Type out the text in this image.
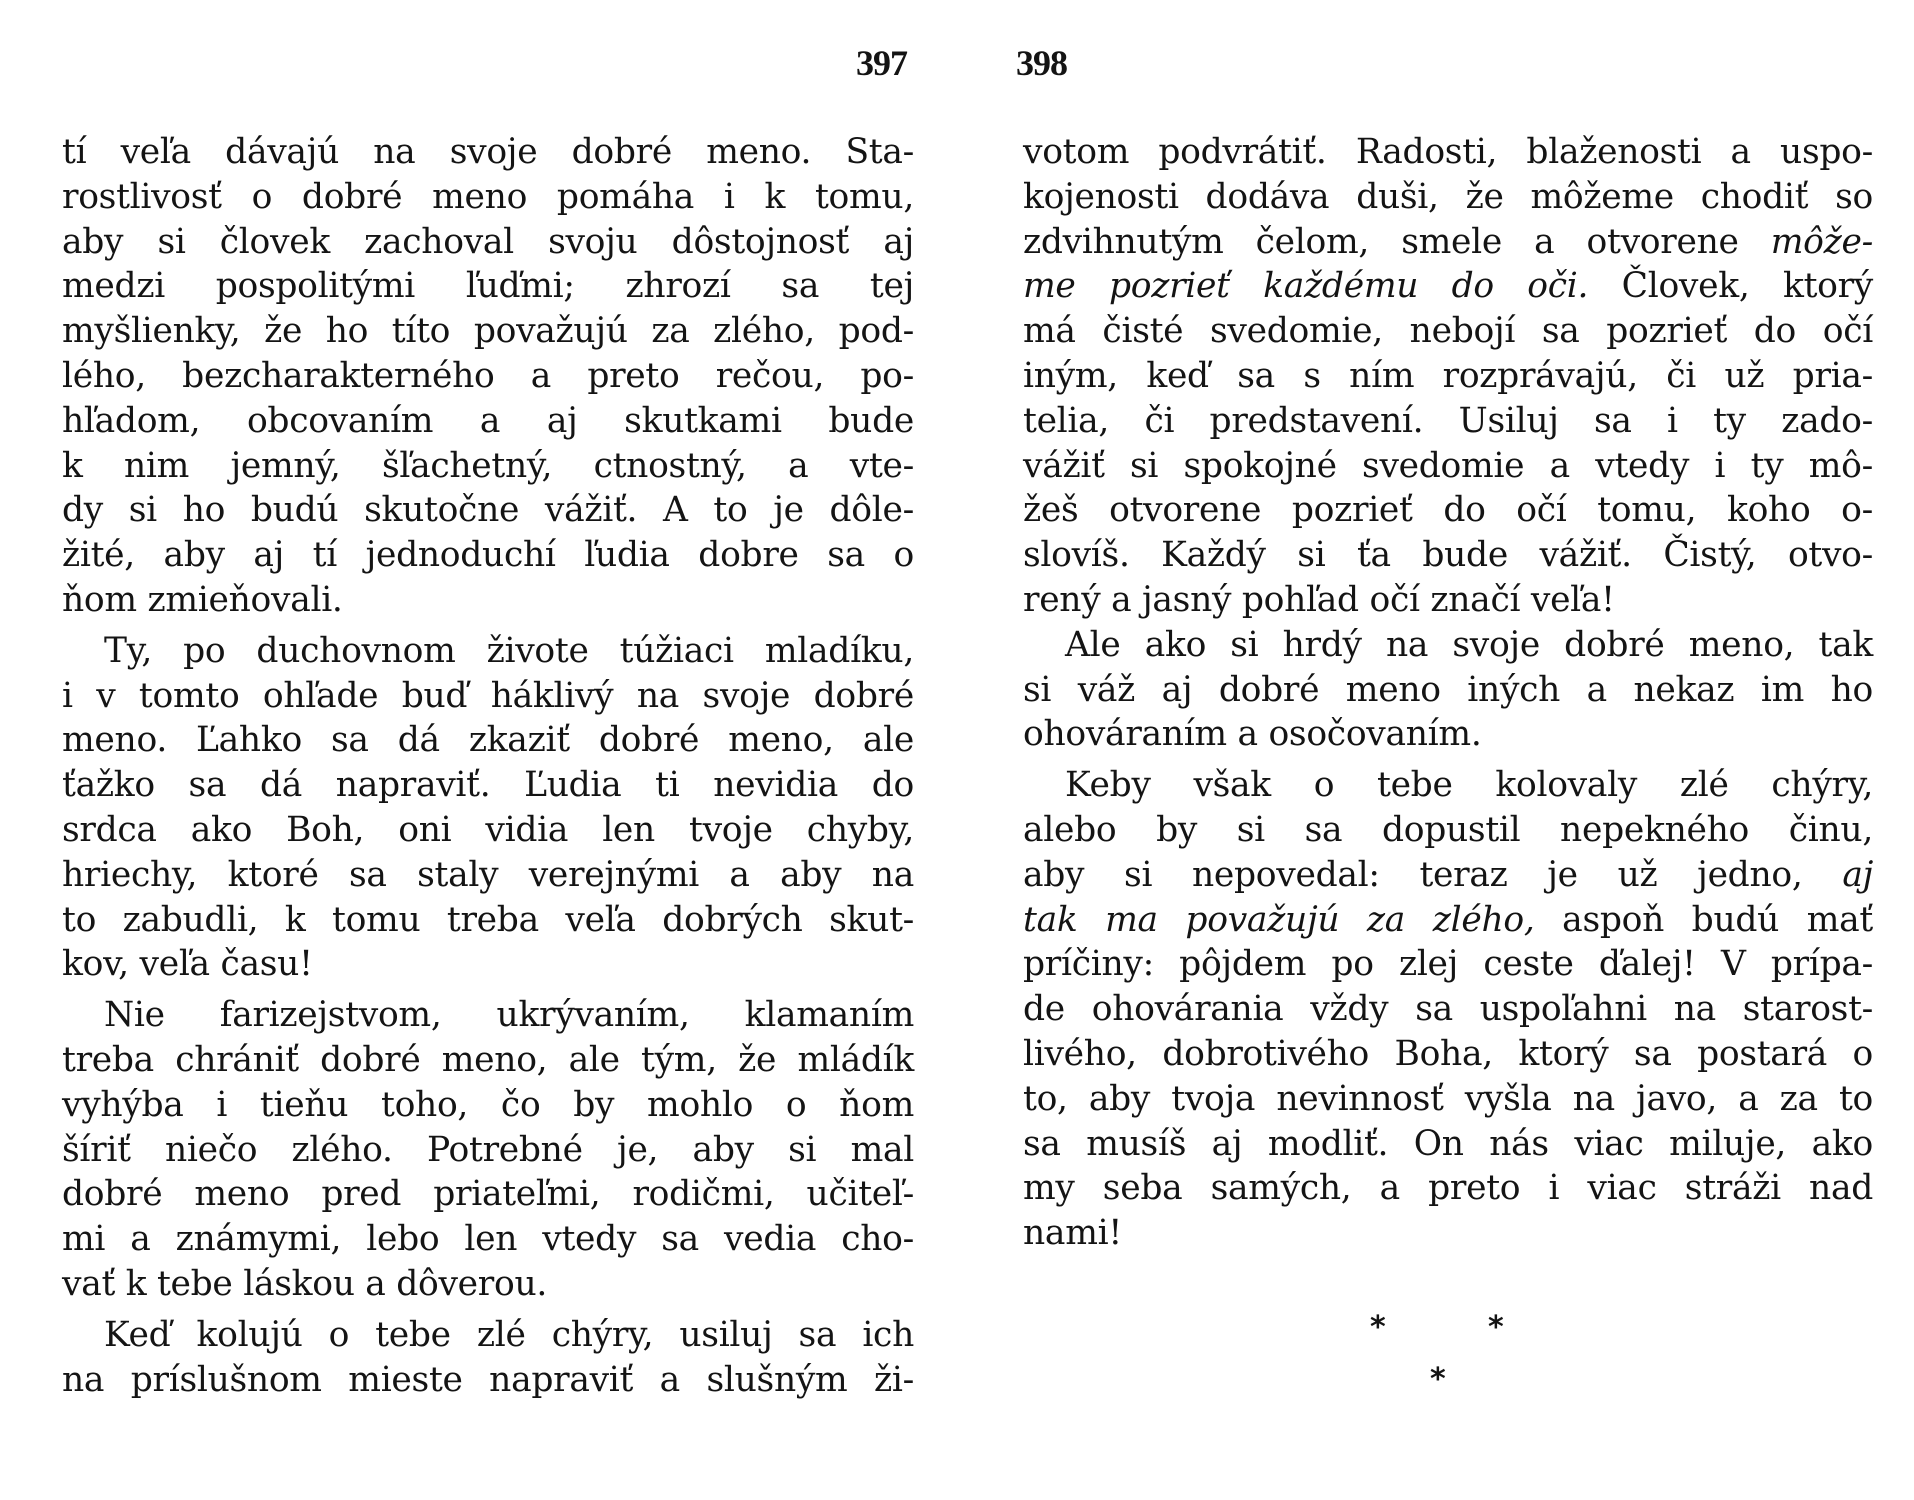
397	398
tí veľa dávajú na svoje dobré meno. Sta-
rostlivosť o dobré meno pomáha i k tomu,
aby si človek zachoval svoju dôstojnosť aj
medzi pospolitými ľuďmi; zhrozí sa tej
myšlienky, že ho títo považujú za zlého, pod-
lého, bezcharakterného a preto rečou, po-
hľadom, obcovaním a aj skutkami bude
k nim jemný, šľachetný, ctnostný, a vte-
dy si ho budú skutočne vážiť. A to je dôle-
žité, aby aj tí jednoduchí ľudia dobre sa o
ňom zmieňovali.
Ty, po duchovnom živote túžiaci mladíku,
i v tomto ohľade buď háklivý na svoje dobré
meno. Ľahko sa dá zkaziť dobré meno, ale
ťažko sa dá napraviť. Ľudia ti nevidia do
srdca ako Boh, oni vidia len tvoje chyby,
hriechy, ktoré sa staly verejnými a aby na
to zabudli, k tomu treba veľa dobrých skut-
kov, veľa času!
Nie farizejstvom, ukrývaním, klamaním
treba chrániť dobré meno, ale tým, že mládík
vyhýba i tieňu toho, čo by mohlo o ňom
šíriť niečo zlého. Potrebné je, aby si mal
dobré meno pred priateľmi, rodičmi, učiteľ-
mi a známymi, lebo len vtedy sa vedia cho-
vať k tebe láskou a dôverou.
Keď kolujú o tebe zlé chýry, usiluj sa ich
na príslušnom mieste napraviť a slušným ži-
votom podvrátiť. Radosti, blaženosti a uspo-
kojenosti dodáva duši, že môžeme chodiť so
zdvihnutým čelom, smele a otvorene môže-
me pozrieť každému do oči. Človek, ktorý
má čisté svedomie, nebojí sa pozrieť do očí
iným, keď sa s ním rozprávajú, či už pria-
telia, či predstavení. Usiluj sa i ty zado-
vážiť si spokojné svedomie a vtedy i ty mô-
žeš otvorene pozrieť do očí tomu, koho o-
slovíš. Každý si ťa bude vážiť. Čistý, otvo-
rený a jasný pohľad očí značí veľa!
Ale ako si hrdý na svoje dobré meno, tak
si váž aj dobré meno iných a nekaz im ho
ohováraním a osočovaním.
Keby však o tebe kolovaly zlé chýry,
alebo by si sa dopustil nepekného činu,
aby si nepovedal: teraz je už jedno, aj
tak ma považujú za zlého, aspoň budú mať
príčiny: pôjdem po zlej ceste ďalej! V prípa-
de ohovárania vždy sa uspoľahni na starost-
livého, dobrotivého Boha, ktorý sa postará o
to, aby tvoja nevinnosť vyšla na javo, a za to
sa musíš aj modliť. On nás viac miluje, ako
my seba samých, a preto i viac stráži nad
nami!
*	*
*
